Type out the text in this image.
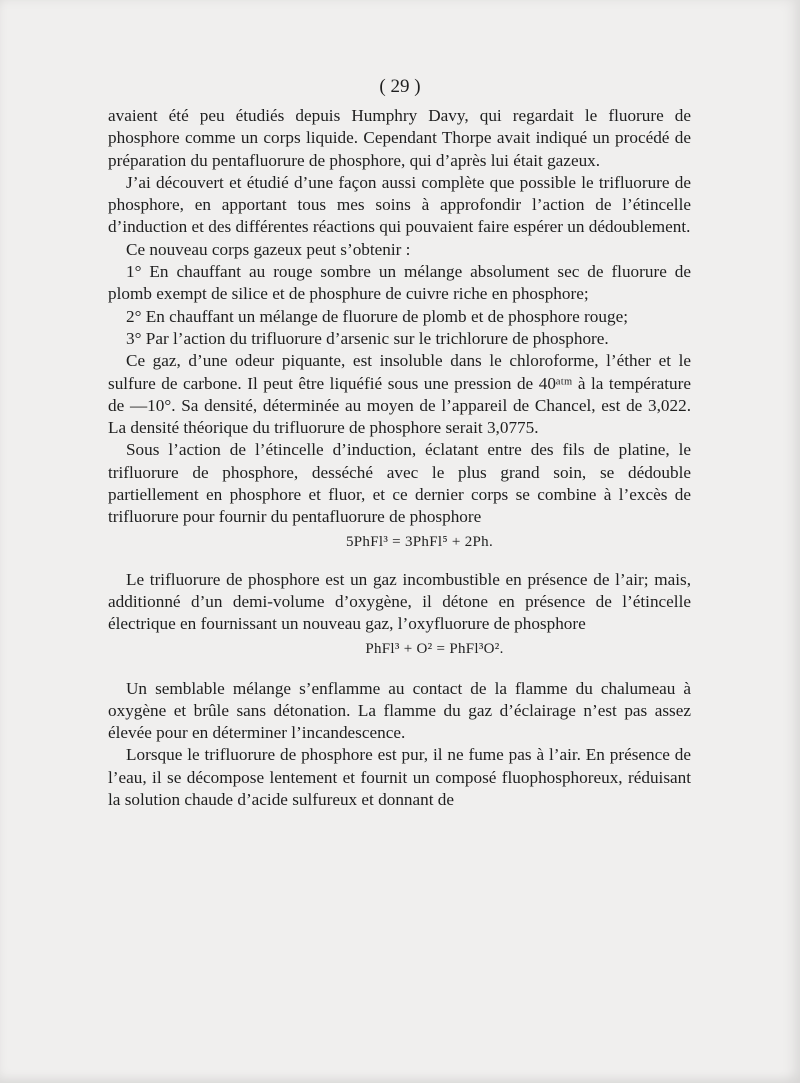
( 29 )

avaient été peu étudiés depuis Humphry Davy, qui regardait le fluorure de phosphore comme un corps liquide. Cependant Thorpe avait indiqué un procédé de préparation du pentafluorure de phosphore, qui d’après lui était gazeux.

J’ai découvert et étudié d’une façon aussi complète que possible le trifluorure de phosphore, en apportant tous mes soins à approfondir l’action de l’étincelle d’induction et des différentes réactions qui pouvaient faire espérer un dédoublement.

Ce nouveau corps gazeux peut s’obtenir :

1° En chauffant au rouge sombre un mélange absolument sec de fluorure de plomb exempt de silice et de phosphure de cuivre riche en phosphore;

2° En chauffant un mélange de fluorure de plomb et de phosphore rouge;

3° Par l’action du trifluorure d’arsenic sur le trichlorure de phosphore.

Ce gaz, d’une odeur piquante, est insoluble dans le chloroforme, l’éther et le sulfure de carbone. Il peut être liquéfié sous une pression de 40ᵃᵗᵐ à la température de —10°. Sa densité, déterminée au moyen de l’appareil de Chancel, est de 3,022. La densité théorique du trifluorure de phosphore serait 3,0775.

Sous l’action de l’étincelle d’induction, éclatant entre des fils de platine, le trifluorure de phosphore, desséché avec le plus grand soin, se dédouble partiellement en phosphore et fluor, et ce dernier corps se combine à l’excès de trifluorure pour fournir du pentafluorure de phosphore

5PhFl³ = 3PhFl⁵ + 2Ph.

Le trifluorure de phosphore est un gaz incombustible en présence de l’air; mais, additionné d’un demi-volume d’oxygène, il détone en présence de l’étincelle électrique en fournissant un nouveau gaz, l’oxyfluorure de phosphore

PhFl³ + O² = PhFl³O².

Un semblable mélange s’enflamme au contact de la flamme du chalumeau à oxygène et brûle sans détonation. La flamme du gaz d’éclairage n’est pas assez élevée pour en déterminer l’incandescence.

Lorsque le trifluorure de phosphore est pur, il ne fume pas à l’air. En présence de l’eau, il se décompose lentement et fournit un composé fluophosphoreux, réduisant la solution chaude d’acide sulfureux et donnant de
